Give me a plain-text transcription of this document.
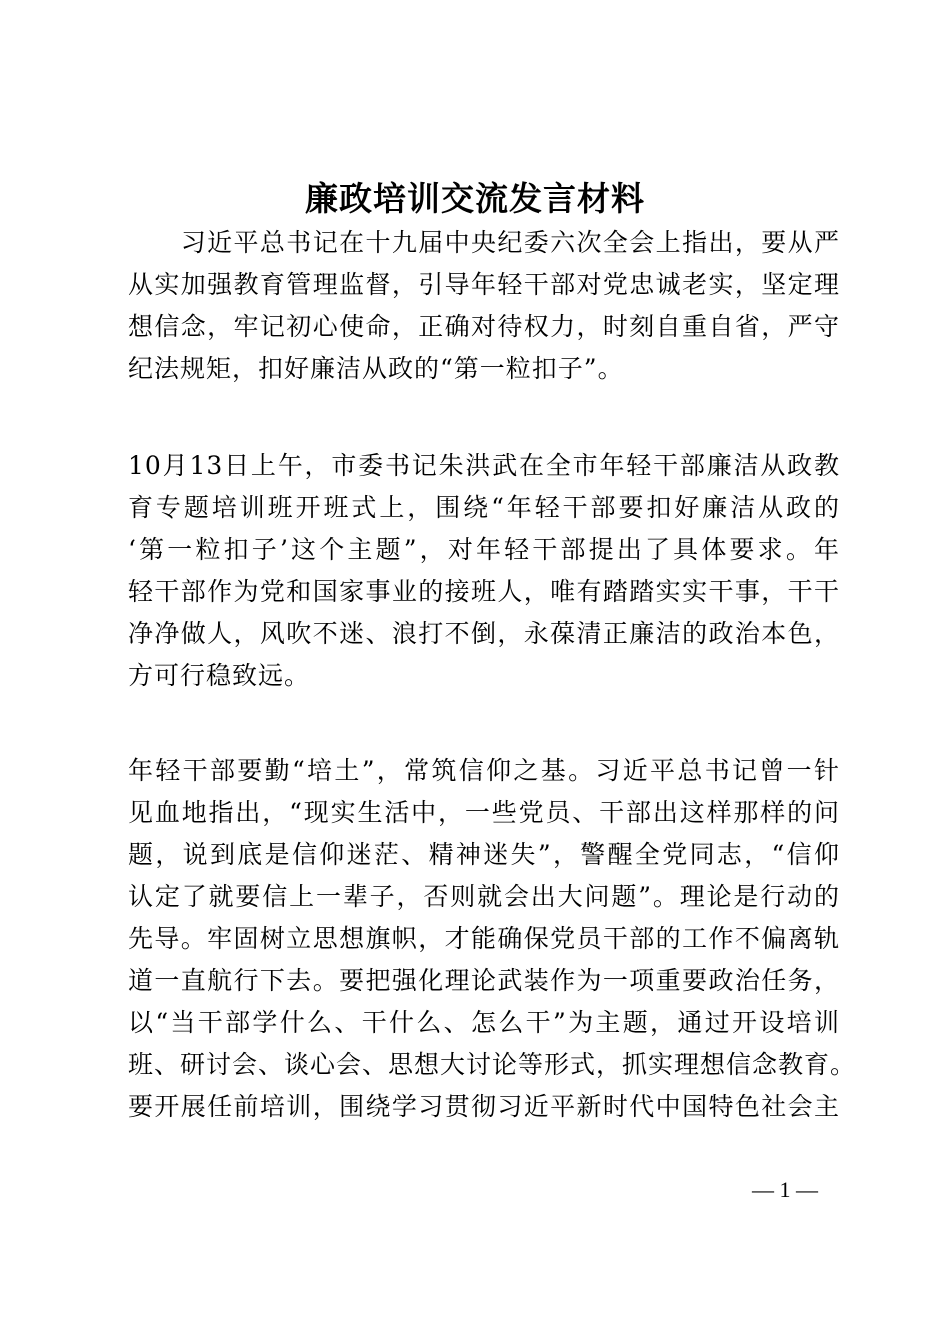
廉政培训交流发言材料
　　习近平总书记在十九届中央纪委六次全会上指出，要从严
从实加强教育管理监督，引导年轻干部对党忠诚老实，坚定理
想信念，牢记初心使命，正确对待权力，时刻自重自省，严守
纪法规矩，扣好廉洁从政的“第一粒扣子”。
10月13日上午，市委书记朱洪武在全市年轻干部廉洁从政教
育专题培训班开班式上，围绕“年轻干部要扣好廉洁从政的
‘第一粒扣子’这个主题”，对年轻干部提出了具体要求。年
轻干部作为党和国家事业的接班人，唯有踏踏实实干事，干干
净净做人，风吹不迷、浪打不倒，永葆清正廉洁的政治本色，
方可行稳致远。
年轻干部要勤“培土”，常筑信仰之基。习近平总书记曾一针
见血地指出，“现实生活中，一些党员、干部出这样那样的问
题，说到底是信仰迷茫、精神迷失”，警醒全党同志，“信仰
认定了就要信上一辈子，否则就会出大问题”。理论是行动的
先导。牢固树立思想旗帜，才能确保党员干部的工作不偏离轨
道一直航行下去。要把强化理论武装作为一项重要政治任务，
以“当干部学什么、干什么、怎么干”为主题，通过开设培训
班、研讨会、谈心会、思想大讨论等形式，抓实理想信念教育。
要开展任前培训，围绕学习贯彻习近平新时代中国特色社会主
— 1 —
